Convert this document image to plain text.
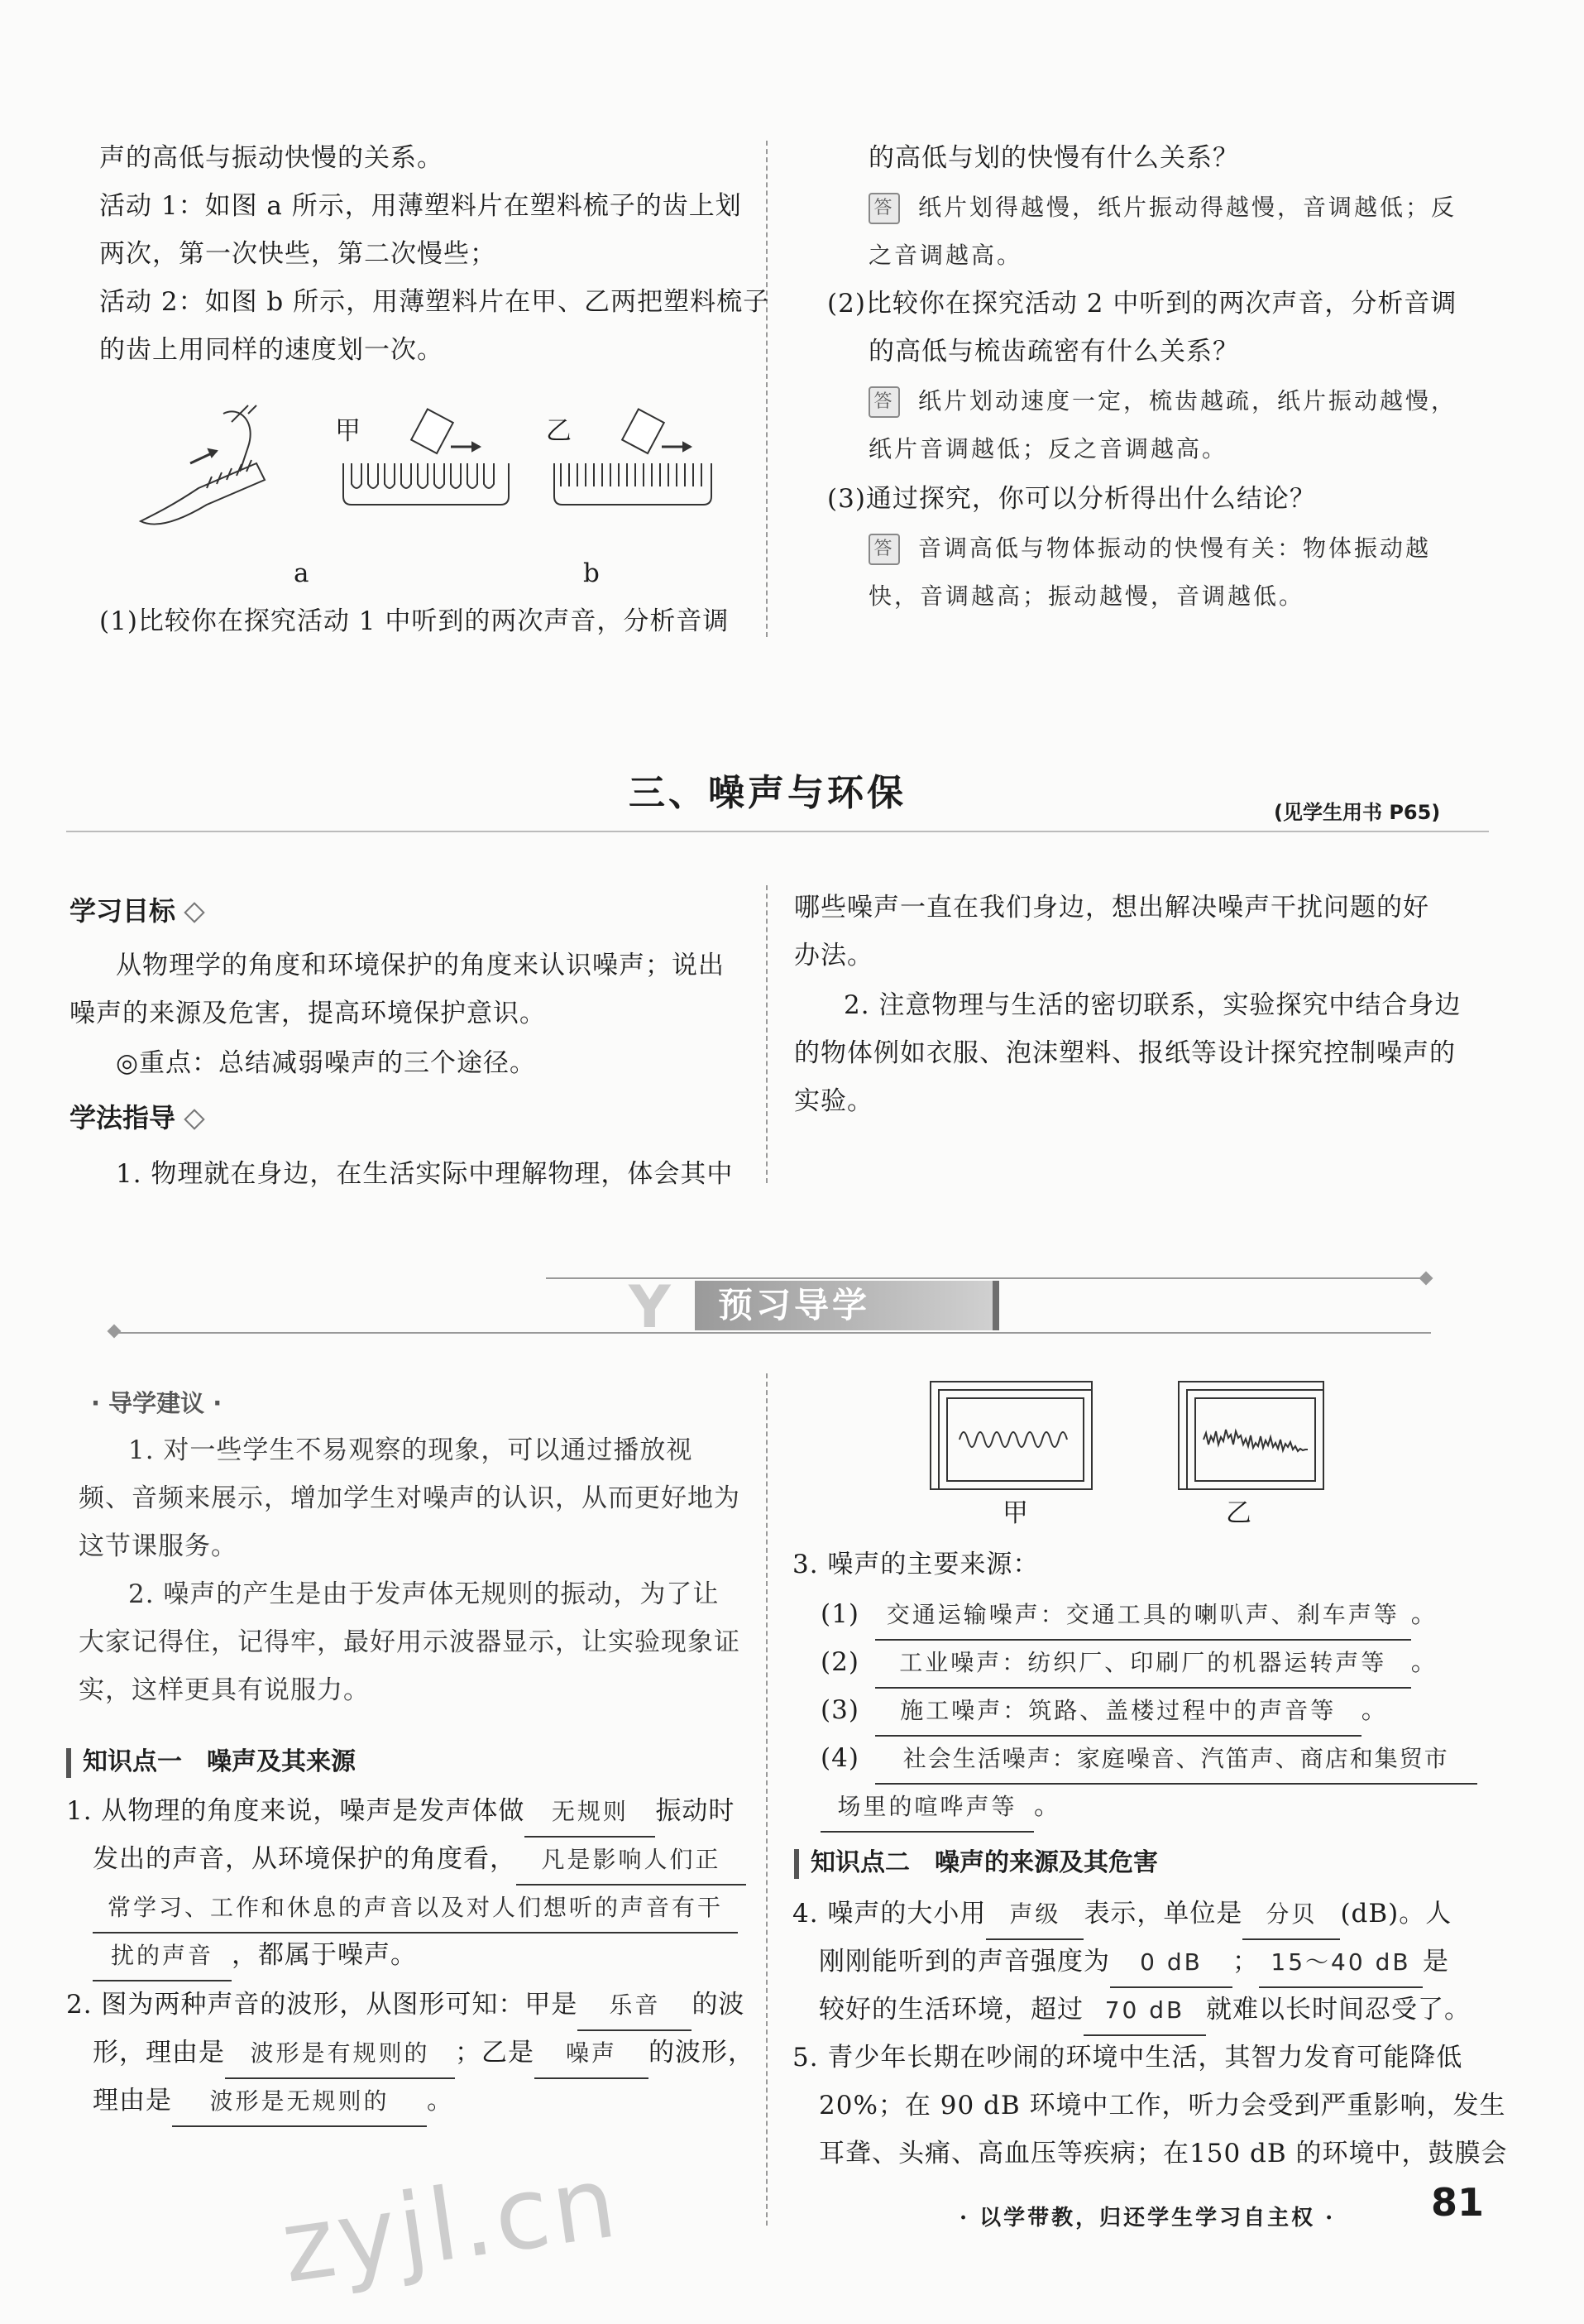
声的高低与振动快慢的关系。
活动 1：如图 a 所示，用薄塑料片在塑料梳子的齿上划
两次，第一次快些，第二次慢些；
活动 2：如图 b 所示，用薄塑料片在甲、乙两把塑料梳子
的齿上用同样的速度划一次。
甲	乙
a	b
(1)比较你在探究活动 1 中听到的两次声音，分析音调
的高低与划的快慢有什么关系？
答 纸片划得越慢，纸片振动得越慢，音调越低；反
之音调越高。
(2)比较你在探究活动 2 中听到的两次声音，分析音调
的高低与梳齿疏密有什么关系？
答 纸片划动速度一定，梳齿越疏，纸片振动越慢，
纸片音调越低；反之音调越高。
(3)通过探究，你可以分析得出什么结论？
答 音调高低与物体振动的快慢有关：物体振动越
快，音调越高；振动越慢，音调越低。
三、噪声与环保	(见学生用书 P65)
学习目标
从物理学的角度和环境保护的角度来认识噪声；说出
噪声的来源及危害，提高环境保护意识。
◎重点：总结减弱噪声的三个途径。
学法指导
1. 物理就在身边，在生活实际中理解物理，体会其中
哪些噪声一直在我们身边，想出解决噪声干扰问题的好
办法。
2. 注意物理与生活的密切联系，实验探究中结合身边
的物体例如衣服、泡沫塑料、报纸等设计探究控制噪声的
实验。
Y	预习导学
· 导学建议 ·
1. 对一些学生不易观察的现象，可以通过播放视
频、音频来展示，增加学生对噪声的认识，从而更好地为
这节课服务。
2. 噪声的产生是由于发声体无规则的振动，为了让
大家记得住，记得牢，最好用示波器显示，让实验现象证
实，这样更具有说服力。
知识点一　噪声及其来源
1. 从物理的角度来说，噪声是发声体做 无规则 振动时
发出的声音，从环境保护的角度看， 凡是影响人们正
常学习、工作和休息的声音以及对人们想听的声音有干
扰的声音 ，都属于噪声。
2. 图为两种声音的波形，从图形可知：甲是 乐音 的波
形，理由是 波形是有规则的 ；乙是 噪声 的波形，
理由是 波形是无规则的 。
甲	乙
3. 噪声的主要来源：
(1) 交通运输噪声：交通工具的喇叭声、刹车声等 。
(2) 工业噪声：纺织厂、印刷厂的机器运转声等 。
(3) 施工噪声：筑路、盖楼过程中的声音等 。
(4) 社会生活噪声：家庭噪音、汽笛声、商店和集贸市
场里的喧哗声等 。
知识点二　噪声的来源及其危害
4. 噪声的大小用 声级 表示，单位是 分贝 (dB)。人
刚刚能听到的声音强度为 0 dB ； 15～40 dB 是
较好的生活环境，超过 70 dB 就难以长时间忍受了。
5. 青少年长期在吵闹的环境中生活，其智力发育可能降低
20%；在 90 dB 环境中工作，听力会受到严重影响，发生
耳聋、头痛、高血压等疾病；在150 dB 的环境中，鼓膜会
· 以学带教，归还学生学习自主权 ·	81
zyjl.cn
